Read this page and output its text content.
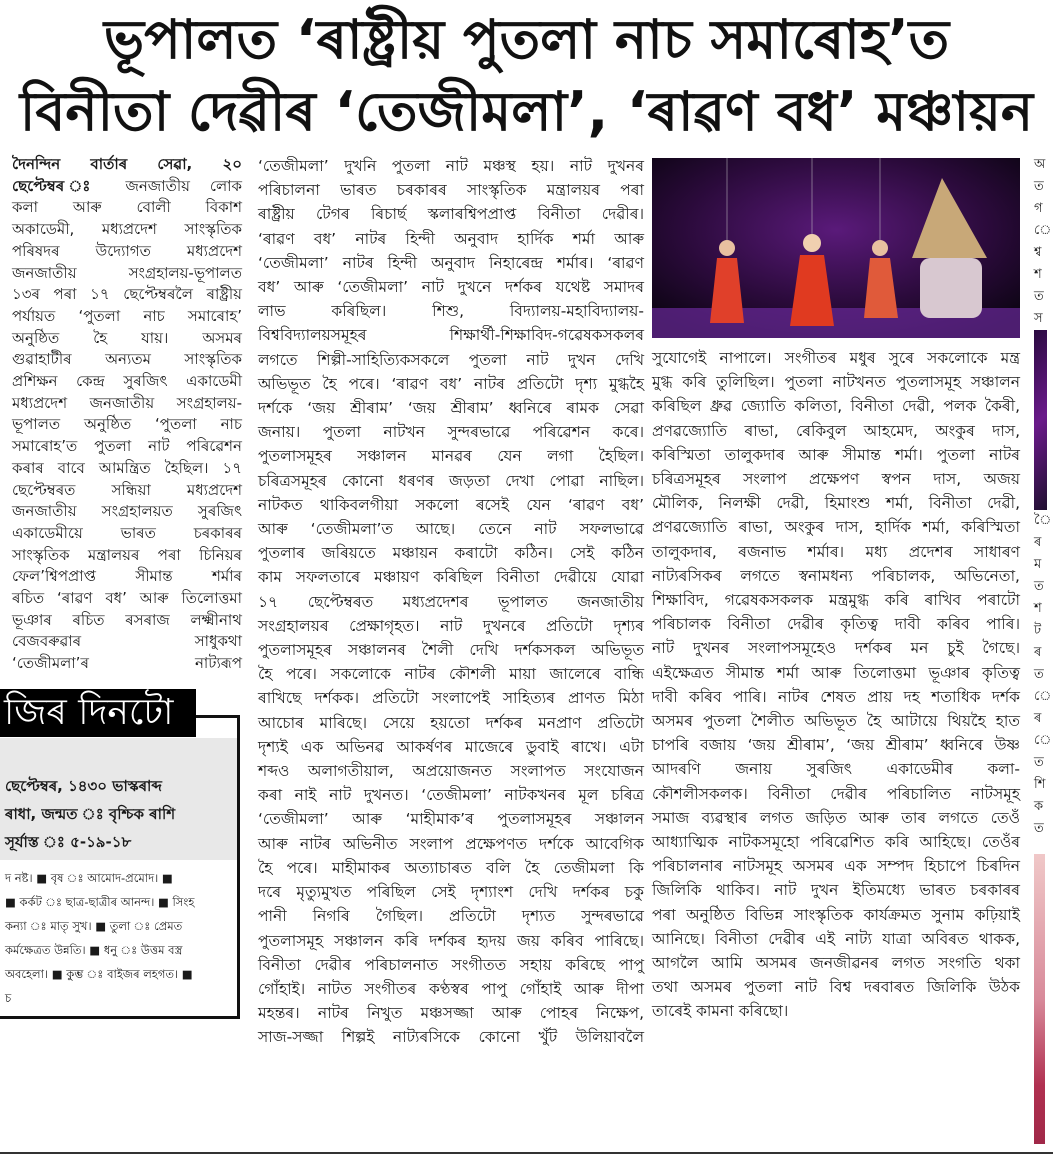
ভূপালত ‘ৰাষ্ট্ৰীয় পুতলা নাচ সমাৰোহ’ত
বিনীতা দেৱীৰ ‘তেজীমলা’, ‘ৰাৱণ বধ’ মঞ্চায়ন
দৈনন্দিন বাৰ্তাৰ সেৱা, ২০
ছেপ্টেম্বৰ ঃ জনজাতীয় লোক
কলা আৰু বোলী বিকাশ
অকাডেমী, মধ্যপ্ৰদেশ সাংস্কৃতিক
পৰিষদৰ উদ্যোগত মধ্যপ্ৰদেশ
জনজাতীয় সংগ্ৰহালয়-ভূপালত
১৩ৰ পৰা ১৭ ছেপ্টেম্বৰলৈ ৰাষ্ট্ৰীয়
পৰ্যায়ত ‘পুতলা নাচ সমাৰোহ’
অনুষ্ঠিত হৈ যায়। অসমৰ
গুৱাহাটীৰ অন্যতম সাংস্কৃতিক
প্ৰশিক্ষন কেন্দ্ৰ সুৰজিৎ একাডেমী
মধ্যপ্ৰদেশ জনজাতীয় সংগ্ৰহালয়-
ভূপালত অনুষ্ঠিত ‘পুতলা নাচ
সমাৰোহ’ত পুতলা নাট পৰিৱেশন
কৰাৰ বাবে আমন্ত্ৰিত হৈছিল। ১৭
ছেপ্টেম্বৰত সন্ধিয়া মধ্যপ্ৰদেশ
জনজাতীয় সংগ্ৰহালয়ত সুৰজিৎ
একাডেমীয়ে ভাৰত চৰকাৰৰ
সাংস্কৃতিক মন্ত্ৰালয়ৰ পৰা চিনিয়ৰ
ফেল’শ্বিপপ্ৰাপ্ত সীমান্ত শৰ্মাৰ
ৰচিত ‘ৰাৱণ বধ’ আৰু তিলোত্তমা
ভূঞাৰ ৰচিত ৰসৰাজ লক্ষ্মীনাথ
বেজবৰুৱাৰ সাধুকথা
‘তেজীমলা’ৰ নাট্যৰূপ
জিৰ দিনটো
ছেপ্টেম্বৰ, ১৪৩০ ভাস্কৰাব্দ
ৰাধা, জন্মত ঃ বৃশ্চিক ৰাশি
সূৰ্যাস্ত ঃ ৫-১৯-১৮
দ নষ্ট। ■ বৃষ ঃ আমোদ-প্ৰমোদ। ■
■ কৰ্কট ঃ ছাত্ৰ-ছাত্ৰীৰ আনন্দ। ■ সিংহ
কন্যা ঃ মাতৃ সুখ। ■ তুলা ঃ প্ৰেমত
কৰ্মক্ষেত্ৰত উন্নতি। ■ ধনু ঃ উত্তম বস্ত্ৰ
অবহেলা। ■ কুম্ভ ঃ বাইজৰ লহগত। ■
চ
‘তেজীমলা’ দুখনি পুতলা নাট মঞ্চস্থ হয়। নাট দুখনৰ
পৰিচালনা ভাৰত চৰকাৰৰ সাংস্কৃতিক মন্ত্ৰালয়ৰ পৰা
ৰাষ্ট্ৰীয় টেগৰ ৰিচাৰ্ছ স্কলাৰশ্বিপপ্ৰাপ্ত বিনীতা দেৱীৰ।
‘ৰাৱণ বধ’ নাটৰ হিন্দী অনুবাদ হাৰ্দিক শৰ্মা আৰু
‘তেজীমলা’ নাটৰ হিন্দী অনুবাদ নিহাৰেন্দ্ৰ শৰ্মাৰ। ‘ৰাৱণ
বধ’ আৰু ‘তেজীমলা’ নাট দুখনে দৰ্শকৰ যথেষ্ট সমাদৰ
লাভ কৰিছিল। শিশু, বিদ্যালয়-মহাবিদ্যালয়-
বিশ্ববিদ্যালয়সমূহৰ শিক্ষাৰ্থী-শিক্ষাবিদ-গৱেষকসকলৰ
লগতে শিল্পী-সাহিত্যিকসকলে পুতলা নাট দুখন দেখি
অভিভূত হৈ পৰে। ‘ৰাৱণ বধ’ নাটৰ প্ৰতিটো দৃশ্য মুগ্ধহৈ
দৰ্শকে ‘জয় শ্ৰীৰাম’ ‘জয় শ্ৰীৰাম’ ধ্বনিৰে ৰামক সেৱা
জনায়। পুতলা নাটখন সুন্দৰভাৱে পৰিৱেশন কৰে।
পুতলাসমূহৰ সঞ্চালন মানৱৰ যেন লগা হৈছিল।
চৰিত্ৰসমূহৰ কোনো ধৰণৰ জড়তা দেখা পোৱা নাছিল।
নাটকত থাকিবলগীয়া সকলো ৰসেই যেন ‘ৰাৱণ বধ’
আৰু ‘তেজীমলা’ত আছে। তেনে নাট সফলভাৱে
পুতলাৰ জৰিয়তে মঞ্চায়ন কৰাটো কঠিন। সেই কঠিন
কাম সফলতাৰে মঞ্চায়ণ কৰিছিল বিনীতা দেৱীয়ে যোৱা
১৭ ছেপ্টেম্বৰত মধ্যপ্ৰদেশৰ ভূপালত জনজাতীয়
সংগ্ৰহালয়ৰ প্ৰেক্ষাগৃহত। নাট দুখনৰে প্ৰতিটো দৃশ্যৰ
পুতলাসমূহৰ সঞ্চালনৰ শৈলী দেখি দৰ্শকসকল অভিভূত
হৈ পৰে। সকলোকে নাটৰ কৌশলী মায়া জালেৰে বান্ধি
ৰাখিছে দৰ্শকক। প্ৰতিটো সংলাপেই সাহিত্যৰ প্ৰাণত মিঠা
আচোৰ মাৰিছে। সেয়ে হয়তো দৰ্শকৰ মনপ্ৰাণ প্ৰতিটো
দৃশ্যই এক অভিনৱ আকৰ্ষণৰ মাজেৰে ডুবাই ৰাখে। এটা
শব্দও অলাগতীয়াল, অপ্ৰয়োজনত সংলাপত সংযোজন
কৰা নাই নাট দুখনত। ‘তেজীমলা’ নাটকখনৰ মূল চৰিত্ৰ
‘তেজীমলা’ আৰু ‘মাহীমাক’ৰ পুতলাসমূহৰ সঞ্চালন
আৰু নাটৰ অভিনীত সংলাপ প্ৰক্ষেপণত দৰ্শকে আবেগিক
হৈ পৰে। মাহীমাকৰ অত্যাচাৰত বলি হৈ তেজীমলা কি
দৰে মৃত্যুমুখত পৰিছিল সেই দৃশ্যাংশ দেখি দৰ্শকৰ চকু
পানী নিগৰি গৈছিল। প্ৰতিটো দৃশ্যত সুন্দৰভাৱে
পুতলাসমূহ সঞ্চালন কৰি দৰ্শকৰ হৃদয় জয় কৰিব পাৰিছে।
বিনীতা দেৱীৰ পৰিচালনাত সংগীতত সহায় কৰিছে পাপু
গোঁহাই। নাটত সংগীতৰ কণ্ঠস্বৰ পাপু গোঁহাই আৰু দীপা
মহন্তৰ। নাটৰ নিখুত মঞ্চসজ্জা আৰু পোহৰ নিক্ষেপ,
সাজ-সজ্জা শিল্পই নাট্যৰসিকে কোনো খুঁট উলিয়াবলৈ
সুযোগেই নাপালে। সংগীতৰ মধুৰ সুৰে সকলোকে মন্ত্ৰ
মুগ্ধ কৰি তুলিছিল। পুতলা নাটখনত পুতলাসমূহ সঞ্চালন
কৰিছিল ধ্ৰুৱ জ্যোতি কলিতা, বিনীতা দেৱী, পলক কৈৰী,
প্ৰণৱজ্যোতি ৰাভা, ৰেকিবুল আহমেদ, অংকুৰ দাস,
কৰিস্মিতা তালুকদাৰ আৰু সীমান্ত শৰ্মা। পুতলা নাটৰ
চৰিত্ৰসমূহৰ সংলাপ প্ৰক্ষেপণ স্বপন দাস, অজয়
মৌলিক, নিলক্ষী দেৱী, হিমাংশু শৰ্মা, বিনীতা দেৱী,
প্ৰণৱজ্যোতি ৰাভা, অংকুৰ দাস, হাৰ্দিক শৰ্মা, কৰিস্মিতা
তালুকদাৰ, ৰজনাভ শৰ্মাৰ। মধ্য প্ৰদেশৰ সাধাৰণ
নাট্যৰসিকৰ লগতে স্বনামধন্য পৰিচালক, অভিনেতা,
শিক্ষাবিদ, গৱেষকসকলক মন্ত্ৰমুগ্ধ কৰি ৰাখিব পৰাটো
পৰিচালক বিনীতা দেৱীৰ কৃতিত্ব দাবী কৰিব পাৰি।
নাট দুখনৰ সংলাপসমূহেও দৰ্শকৰ মন চুই গৈছে।
এইক্ষেত্ৰত সীমান্ত শৰ্মা আৰু তিলোত্তমা ভূঞাৰ কৃতিত্ব
দাবী কৰিব পাৰি। নাটৰ শেষত প্ৰায় দহ শতাধিক দৰ্শক
অসমৰ পুতলা শৈলীত অভিভূত হৈ আটায়ে থিয়হৈ হাত
চাপৰি বজায় ‘জয় শ্ৰীৰাম’, ‘জয় শ্ৰীৰাম’ ধ্বনিৰে উষ্ণ
আদৰণি জনায় সুৰজিৎ একাডেমীৰ কলা-
কৌশলীসকলক। বিনীতা দেৱীৰ পৰিচালিত নাটসমূহ
সমাজ ব্যৱস্থাৰ লগত জড়িত আৰু তাৰ লগতে তেওঁ
আধ্যাত্মিক নাটকসমূহো পৰিৱেশিত কৰি আহিছে। তেওঁৰ
পৰিচালনাৰ নাটসমূহ অসমৰ এক সম্পদ হিচাপে চিৰদিন
জিলিকি থাকিব। নাট দুখন ইতিমধ্যে ভাৰত চৰকাৰৰ
পৰা অনুষ্ঠিত বিভিন্ন সাংস্কৃতিক কাৰ্যক্ৰমত সুনাম কঢ়িয়াই
আনিছে। বিনীতা দেৱীৰ এই নাট্য যাত্ৰা অবিৰত থাকক,
আগলৈ আমি অসমৰ জনজীৱনৰ লগত সংগতি থকা
তথা অসমৰ পুতলা নাট বিশ্ব দৰবাৰত জিলিকি উঠক
তাৰেই কামনা কৰিছো।
অ
ত
গ
ে
শ্ব
শ
ত
স
ৈ
ৰ
ম
ত
শ
ট
ৰ
ত
ে
ৰ
ে
ত
শি
ক
ত
